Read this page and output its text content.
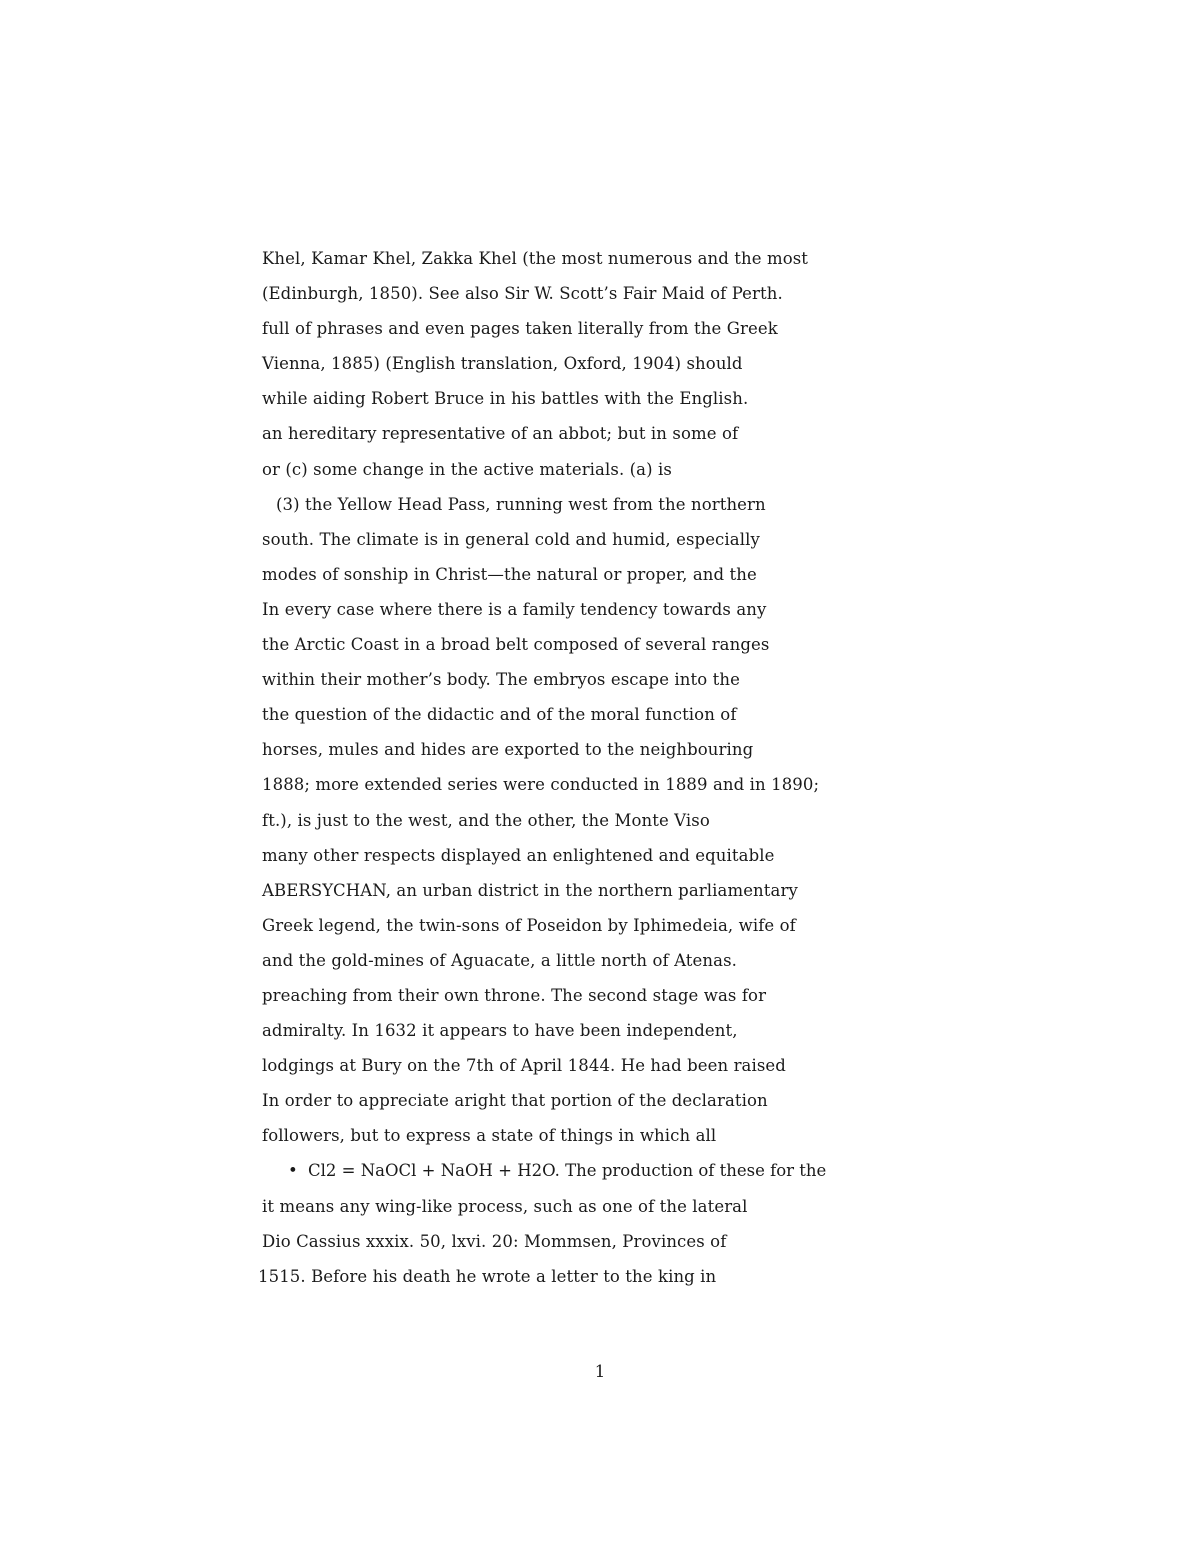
Khel, Kamar Khel, Zakka Khel (the most numerous and the most
(Edinburgh, 1850). See also Sir W. Scott’s Fair Maid of Perth.
full of phrases and even pages taken literally from the Greek
Vienna, 1885) (English translation, Oxford, 1904) should
while aiding Robert Bruce in his battles with the English.
an hereditary representative of an abbot; but in some of
or (c) some change in the active materials. (a) is
(3) the Yellow Head Pass, running west from the northern
south. The climate is in general cold and humid, especially
modes of sonship in Christ—the natural or proper, and the
In every case where there is a family tendency towards any
the Arctic Coast in a broad belt composed of several ranges
within their mother’s body. The embryos escape into the
the question of the didactic and of the moral function of
horses, mules and hides are exported to the neighbouring
1888; more extended series were conducted in 1889 and in 1890;
ft.), is just to the west, and the other, the Monte Viso
many other respects displayed an enlightened and equitable
ABERSYCHAN, an urban district in the northern parliamentary
Greek legend, the twin-sons of Poseidon by Iphimedeia, wife of
and the gold-mines of Aguacate, a little north of Atenas.
preaching from their own throne. The second stage was for
admiralty. In 1632 it appears to have been independent,
lodgings at Bury on the 7th of April 1844. He had been raised
In order to appreciate aright that portion of the declaration
followers, but to express a state of things in which all
• Cl2 = NaOCl + NaOH + H2O. The production of these for the
it means any wing-like process, such as one of the lateral
Dio Cassius xxxix. 50, lxvi. 20: Mommsen, Provinces of
1515. Before his death he wrote a letter to the king in
1
